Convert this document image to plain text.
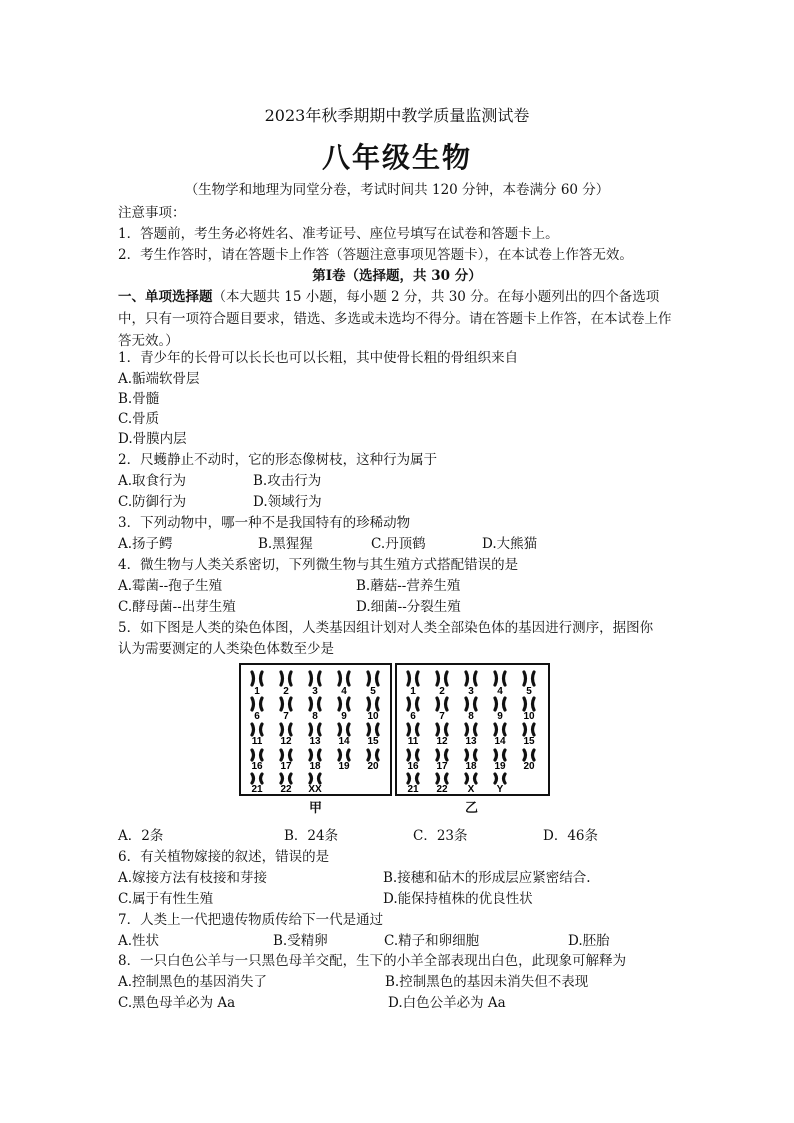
2023年秋季期期中教学质量监测试卷
八年级生物
（生物学和地理为同堂分卷，考试时间共 120 分钟，本卷满分 60 分）
注意事项：
1．答题前，考生务必将姓名、准考证号、座位号填写在试卷和答题卡上。
2．考生作答时，请在答题卡上作答（答题注意事项见答题卡），在本试卷上作答无效。
第Ⅰ卷（选择题，共 30 分）
一、单项选择题（本大题共 15 小题，每小题 2 分，共 30 分。在每小题列出的四个备选项中，只有一项符合题目要求，错选、多选或未选均不得分。请在答题卡上作答，在本试卷上作答无效。）
1．青少年的长骨可以长长也可以长粗，其中使骨长粗的骨组织来自
A.骺端软骨层
B.骨髓
C.骨质
D.骨膜内层
2．尺蠖静止不动时，它的形态像树枝，这种行为属于
A.取食行为	B.攻击行为
C.防御行为	D.领域行为
3．下列动物中，哪一种不是我国特有的珍稀动物
A.扬子鳄	B.黑猩猩	C.丹顶鹤	D.大熊猫
4．微生物与人类关系密切，下列微生物与其生殖方式搭配错误的是
A.霉菌--孢子生殖	B.蘑菇--营养生殖
C.酵母菌--出芽生殖	D.细菌--分裂生殖
5．如下图是人类的染色体图，人类基因组计划对人类全部染色体的基因进行测序，据图你
认为需要测定的人类染色体数至少是
1 2 3 4 5
6 7 8 9 10
11 12 13 14 15
16 17 18 19 20
21 22 XX
1 2 3 4 5
6 7 8 9 10
11 12 13 14 15
16 17 18 19 20
21 22 X Y
甲	乙
A．2条	B．24条	C．23条	D．46条
6．有关植物嫁接的叙述，错误的是
A.嫁接方法有枝接和芽接	B.接穗和砧木的形成层应紧密结合.
C.属于有性生殖	D.能保持植株的优良性状
7．人类上一代把遗传物质传给下一代是通过
A.性状	B.受精卵	C.精子和卵细胞	D.胚胎
8．一只白色公羊与一只黑色母羊交配，生下的小羊全部表现出白色，此现象可解释为
A.控制黑色的基因消失了	B.控制黑色的基因未消失但不表现
C.黑色母羊必为 Aa	D.白色公羊必为 Aa
